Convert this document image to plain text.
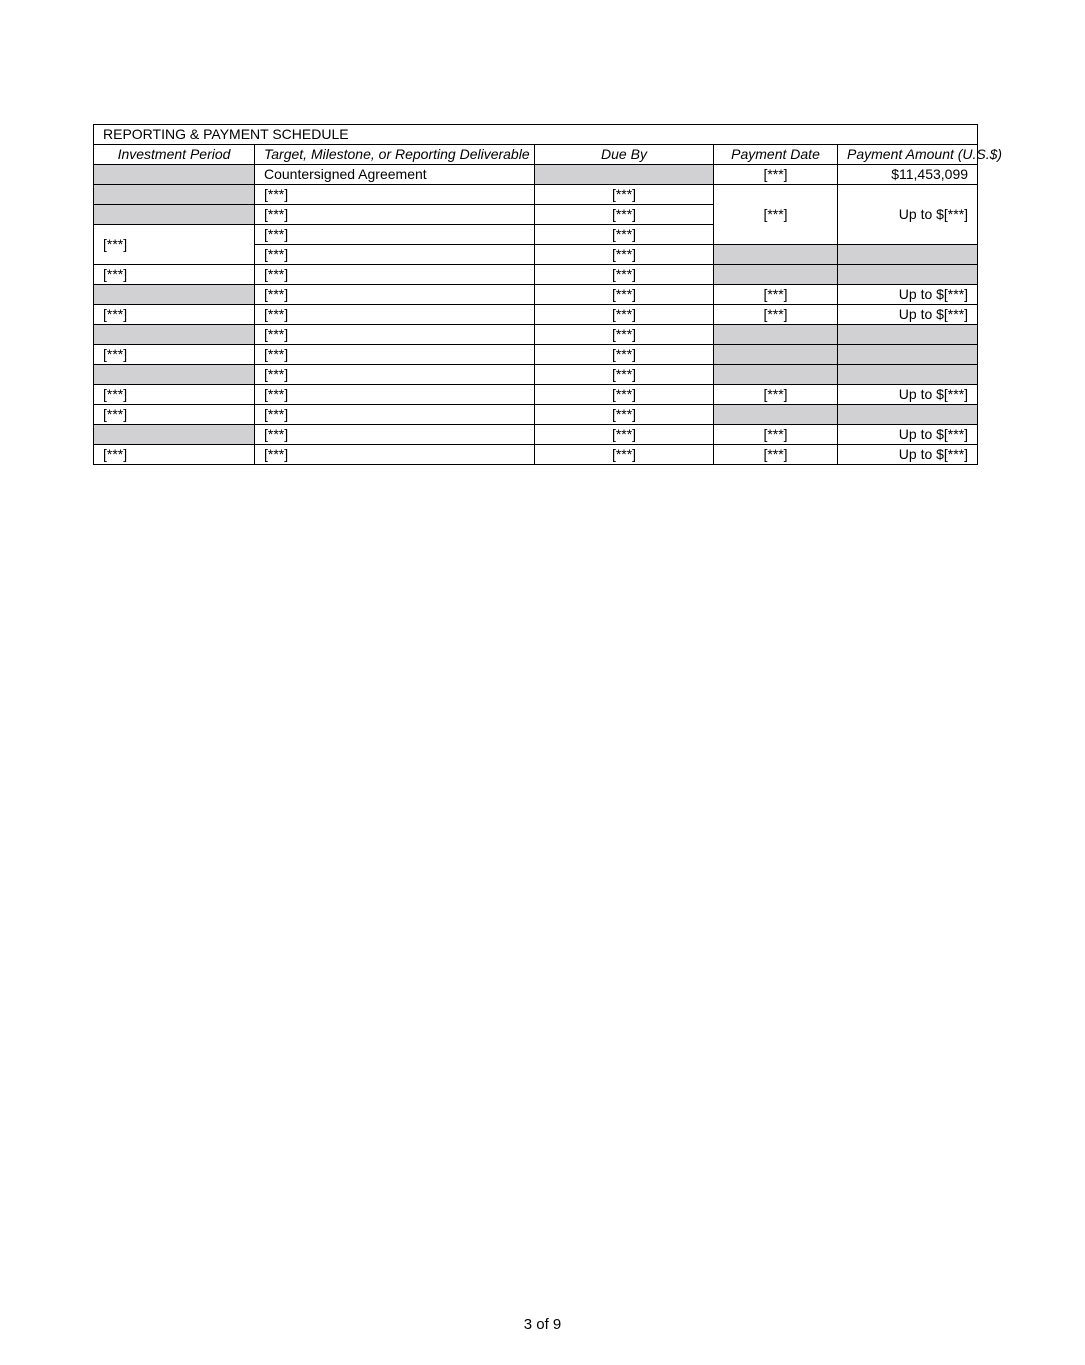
REPORTING & PAYMENT SCHEDULE				
Investment Period	Target, Milestone, or Reporting Deliverable	Due By	Payment Date	Payment Amount (U.S.$)
	Countersigned Agreement		[***]	$11,453,099
	[***]	[***]	[***]	Up to $[***]
	[***]	[***]		
[***]	[***]	[***]		
	[***]	[***]		
[***]	[***]	[***]		
	[***]	[***]	[***]	Up to $[***]
[***]	[***]	[***]	[***]	Up to $[***]
	[***]	[***]		
[***]	[***]	[***]		
	[***]	[***]		
[***]	[***]	[***]	[***]	Up to $[***]
[***]	[***]	[***]		
	[***]	[***]	[***]	Up to $[***]
[***]	[***]	[***]	[***]	Up to $[***]
3 of 9
